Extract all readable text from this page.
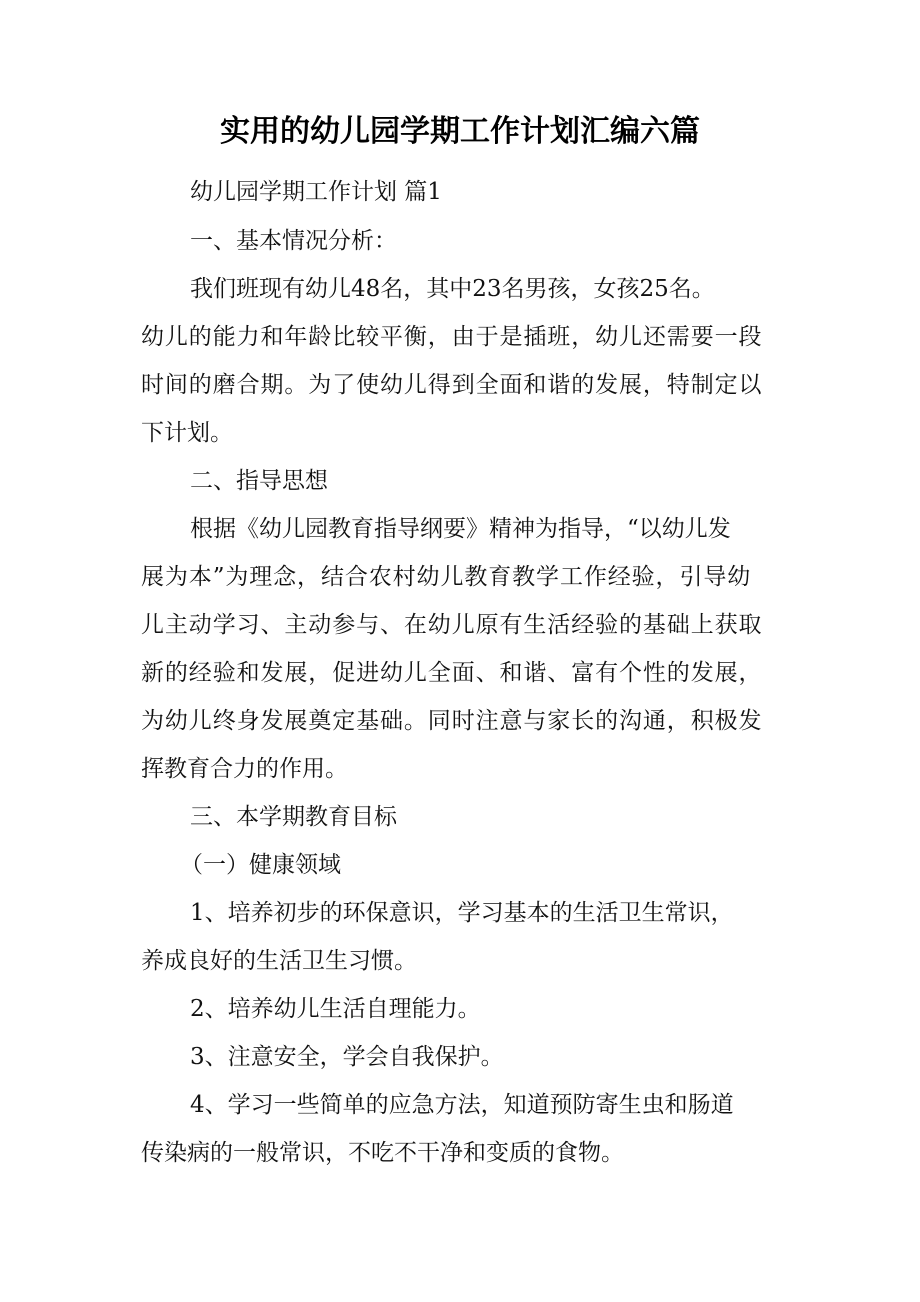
实用的幼儿园学期工作计划汇编六篇

幼儿园学期工作计划 篇1

一、基本情况分析：

我们班现有幼儿48名，其中23名男孩，女孩25名。

幼儿的能力和年龄比较平衡，由于是插班，幼儿还需要一段

时间的磨合期。为了使幼儿得到全面和谐的发展，特制定以

下计划。

二、指导思想

根据《幼儿园教育指导纲要》精神为指导，“以幼儿发

展为本”为理念，结合农村幼儿教育教学工作经验，引导幼

儿主动学习、主动参与、在幼儿原有生活经验的基础上获取

新的经验和发展，促进幼儿全面、和谐、富有个性的发展，

为幼儿终身发展奠定基础。同时注意与家长的沟通，积极发

挥教育合力的作用。

三、本学期教育目标

（一）健康领域

1、培养初步的环保意识，学习基本的生活卫生常识，

养成良好的生活卫生习惯。

2、培养幼儿生活自理能力。

3、注意安全，学会自我保护。

4、学习一些简单的应急方法，知道预防寄生虫和肠道

传染病的一般常识，不吃不干净和变质的食物。
